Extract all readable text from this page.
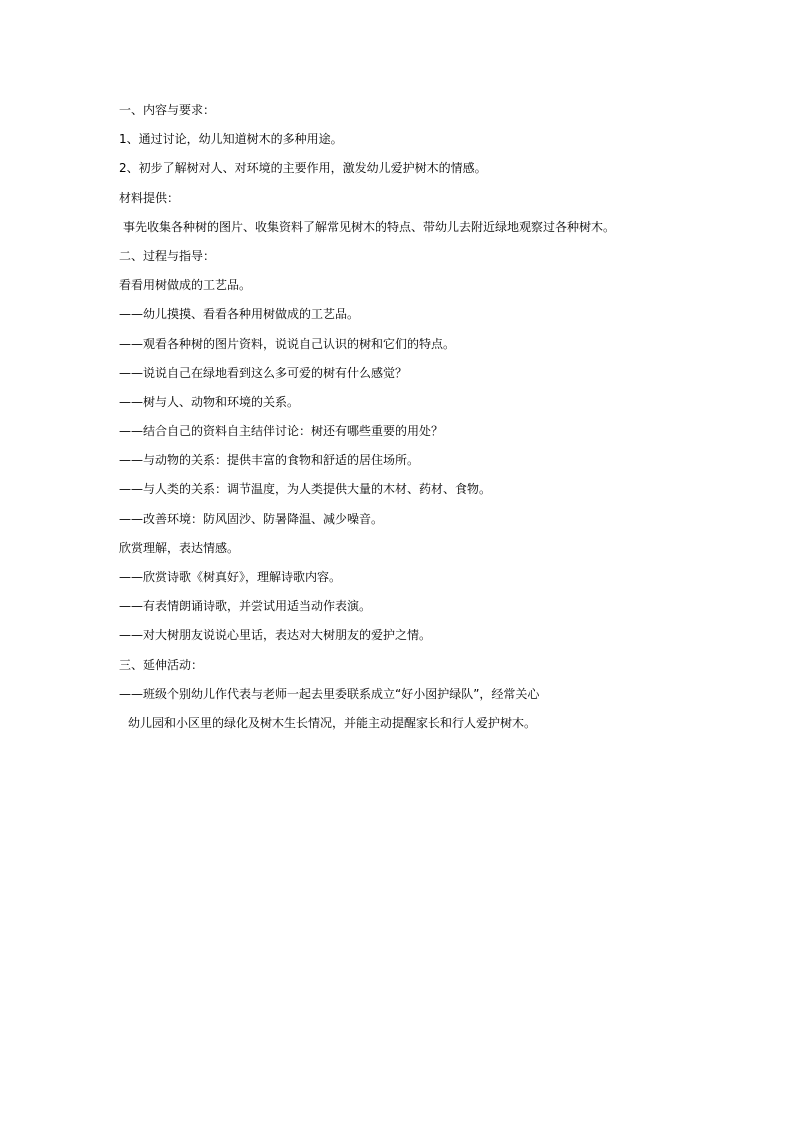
一、内容与要求：
1、通过讨论，幼儿知道树木的多种用途。
2、初步了解树对人、对环境的主要作用，激发幼儿爱护树木的情感。
材料提供：
事先收集各种树的图片、收集资料了解常见树木的特点、带幼儿去附近绿地观察过各种树木。
二、过程与指导：
看看用树做成的工艺品。
——幼儿摸摸、看看各种用树做成的工艺品。
——观看各种树的图片资料，说说自己认识的树和它们的特点。
——说说自己在绿地看到这么多可爱的树有什么感觉？
——树与人、动物和环境的关系。
——结合自己的资料自主结伴讨论：树还有哪些重要的用处？
——与动物的关系：提供丰富的食物和舒适的居住场所。
——与人类的关系：调节温度，为人类提供大量的木材、药材、食物。
——改善环境：防风固沙、防暑降温、减少噪音。
欣赏理解，表达情感。
——欣赏诗歌《树真好》，理解诗歌内容。
——有表情朗诵诗歌，并尝试用适当动作表演。
——对大树朋友说说心里话，表达对大树朋友的爱护之情。
三、延伸活动：
——班级个别幼儿作代表与老师一起去里委联系成立“好小囡护绿队”，经常关心
幼儿园和小区里的绿化及树木生长情况，并能主动提醒家长和行人爱护树木。
